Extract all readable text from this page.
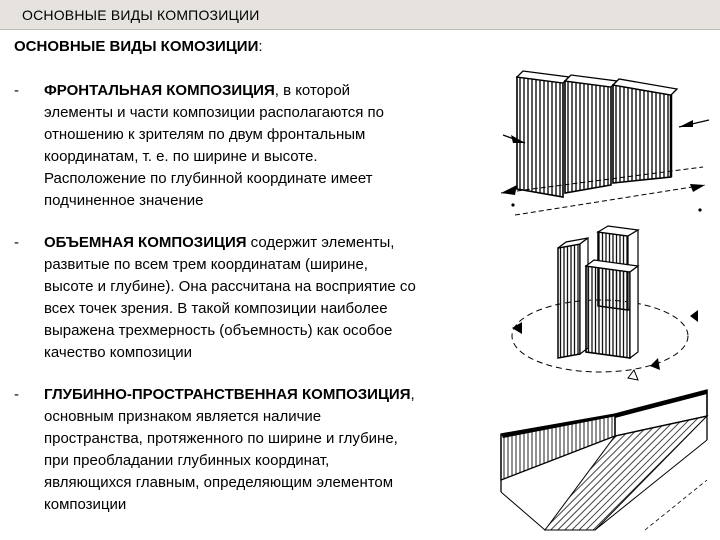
ОСНОВНЫЕ ВИДЫ КОМПОЗИЦИИ
ОСНОВНЫЕ ВИДЫ КОМОЗИЦИИ:
- ФРОНТАЛЬНАЯ КОМПОЗИЦИЯ, в которой
элементы и части композиции располагаются по
отношению к зрителям по двум фронтальным
координатам, т. е. по ширине и высоте.
Расположение по глубинной координате имеет
подчиненное значение
- ОБЪЕМНАЯ КОМПОЗИЦИЯ содержит элементы,
развитые по всем трем координатам (ширине,
высоте и глубине). Она рассчитана на восприятие со
всех точек зрения. В такой композиции наиболее
выражена трехмерность (объемность) как особое
качество композиции
- ГЛУБИННО-ПРОСТРАНСТВЕННАЯ КОМПОЗИЦИЯ,
основным признаком является наличие
пространства, протяженного по ширине и глубине,
при преобладании глубинных координат,
являющихся главным, определяющим элементом
композиции
